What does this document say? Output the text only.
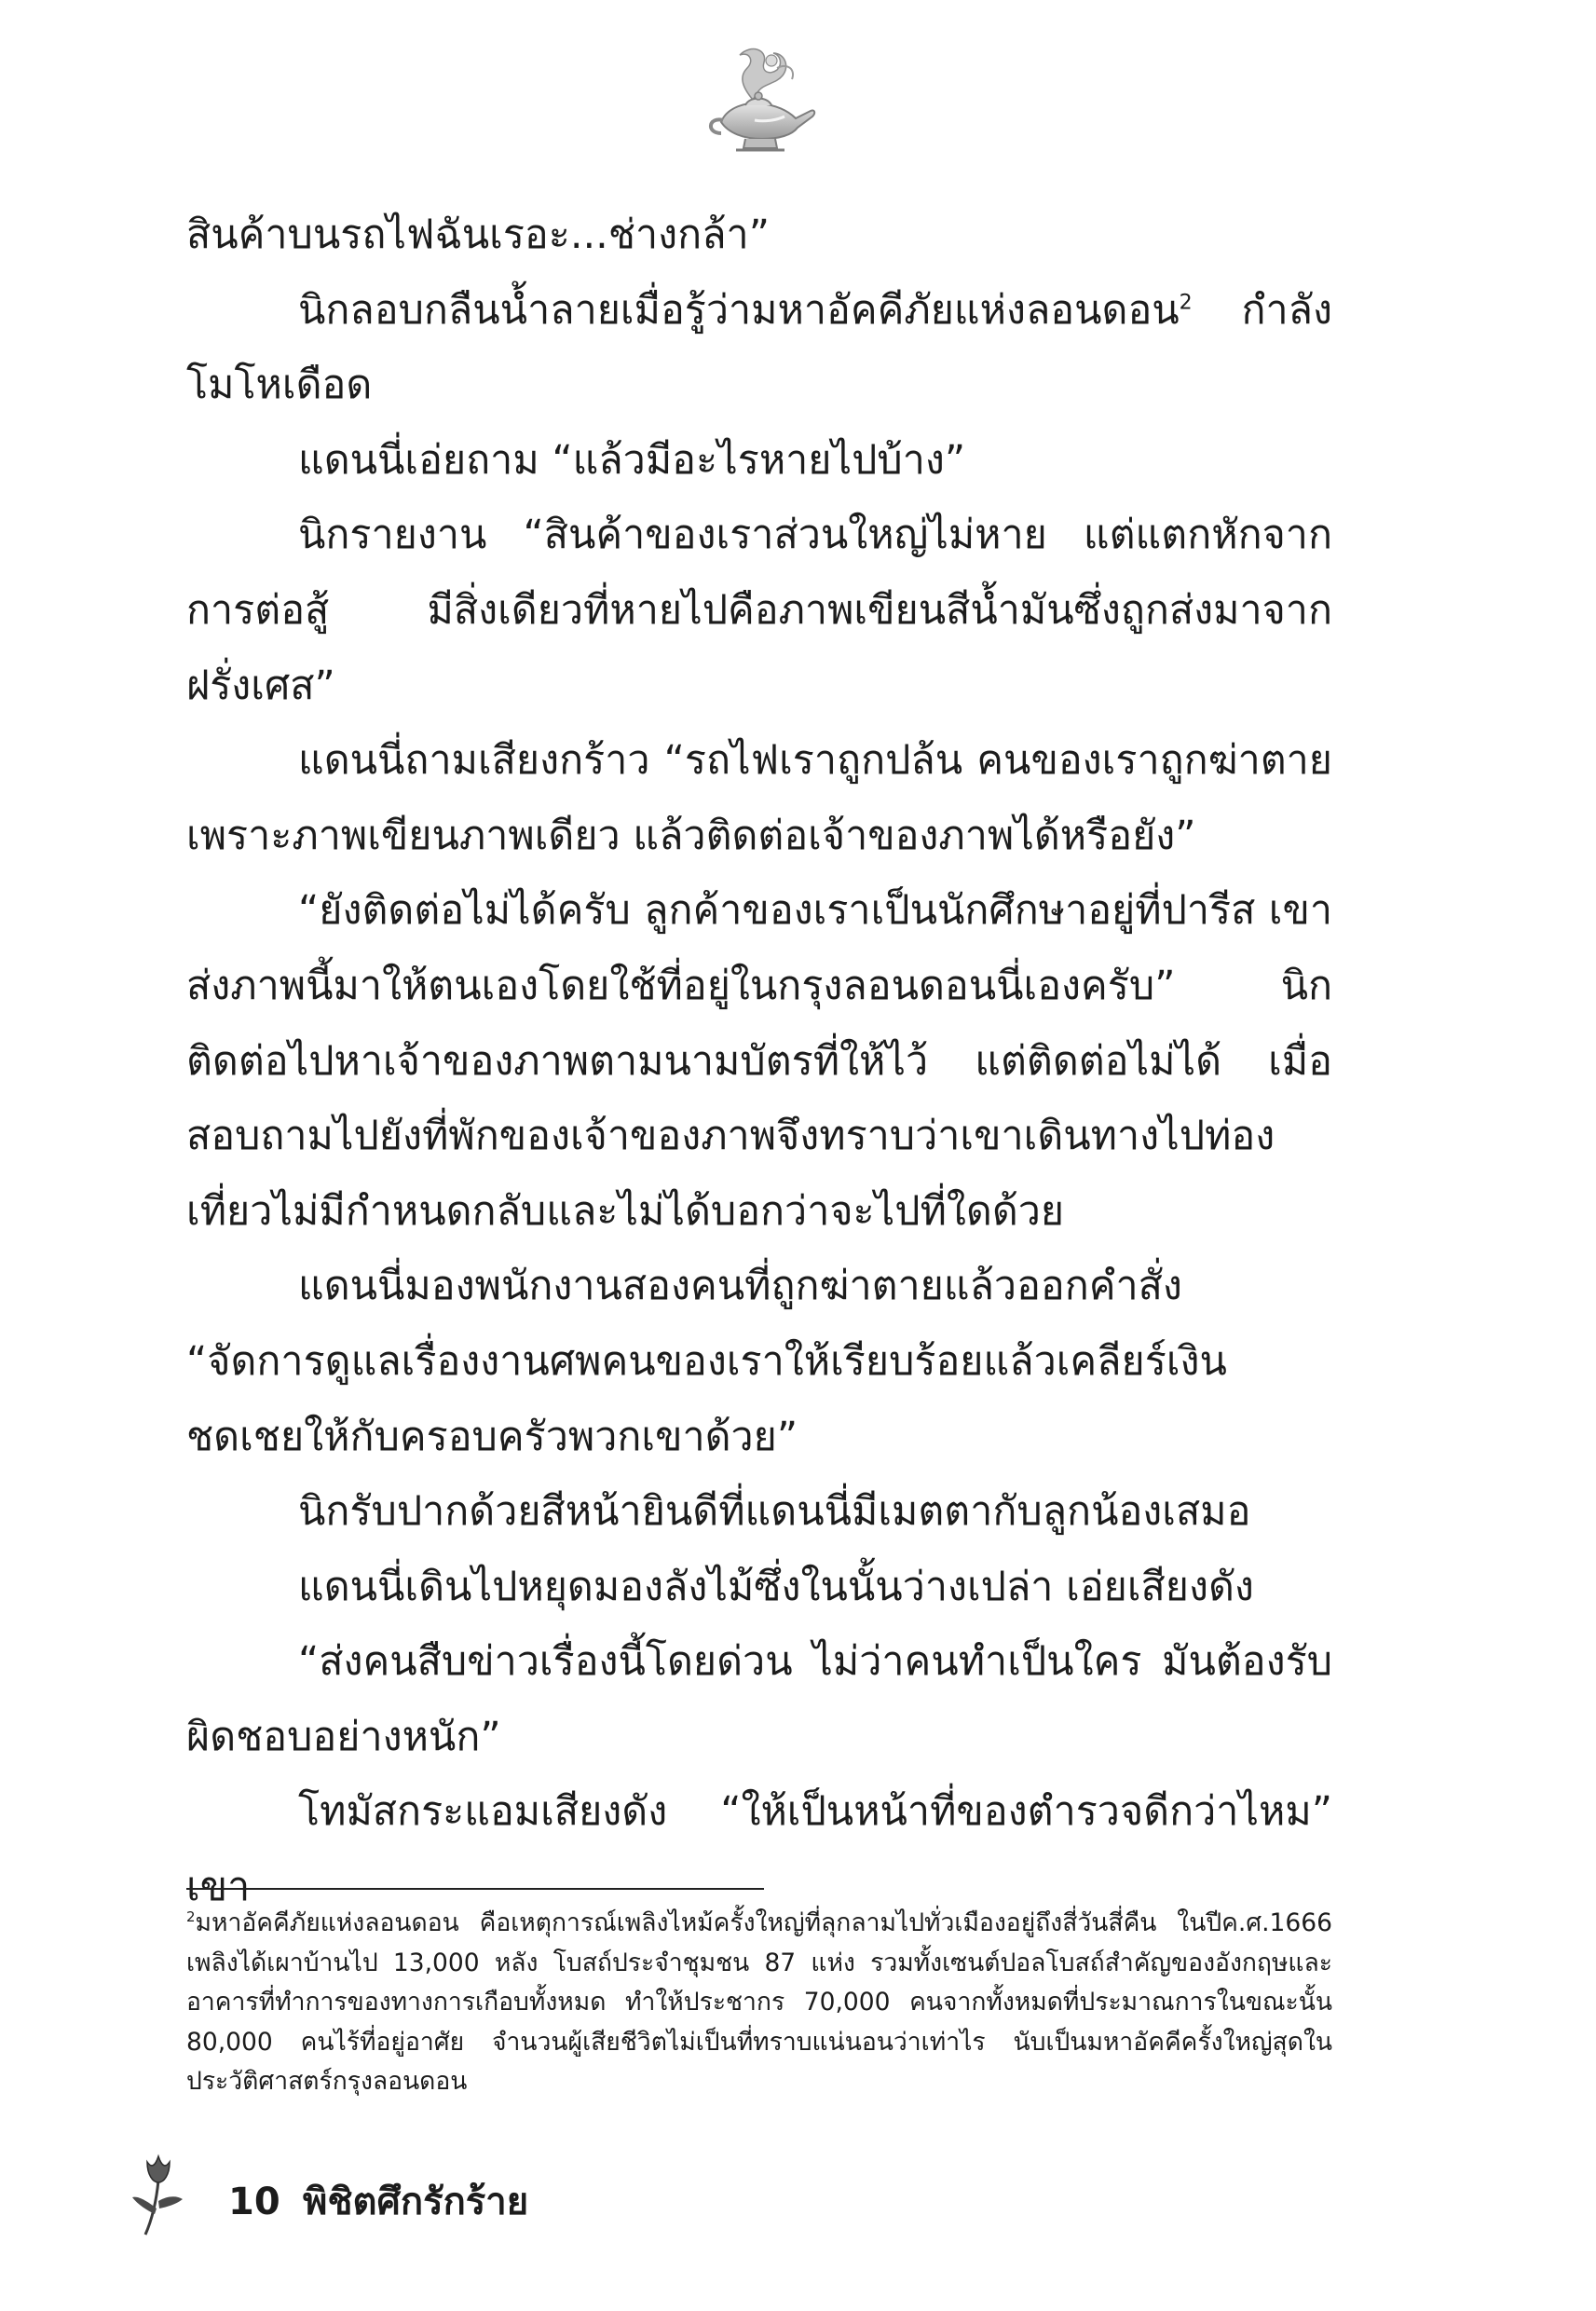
สินค้าบนรถไฟฉันเรอะ...ช่างกล้า”

นิกลอบกลืนน้ำลายเมื่อรู้ว่ามหาอัคคีภัยแห่งลอนดอน$^2$ กำลังโมโหเดือด

แดนนี่เอ่ยถาม “แล้วมีอะไรหายไปบ้าง”

นิกรายงาน “สินค้าของเราส่วนใหญ่ไม่หาย แต่แตกหักจากการต่อสู้ มีสิ่งเดียวที่หายไปคือภาพเขียนสีน้ำมันซึ่งถูกส่งมาจากฝรั่งเศส”

แดนนี่ถามเสียงกร้าว “รถไฟเราถูกปล้น คนของเราถูกฆ่าตายเพราะภาพเขียนภาพเดียว แล้วติดต่อเจ้าของภาพได้หรือยัง”

“ยังติดต่อไม่ได้ครับ ลูกค้าของเราเป็นนักศึกษาอยู่ที่ปารีส เขาส่งภาพนี้มาให้ตนเองโดยใช้ที่อยู่ในกรุงลอนดอนนี่เองครับ” นิกติดต่อไปหาเจ้าของภาพตามนามบัตรที่ให้ไว้ แต่ติดต่อไม่ได้ เมื่อสอบถามไปยังที่พักของเจ้าของภาพจึงทราบว่าเขาเดินทางไปท่องเที่ยวไม่มีกำหนดกลับและไม่ได้บอกว่าจะไปที่ใดด้วย

แดนนี่มองพนักงานสองคนที่ถูกฆ่าตายแล้วออกคำสั่ง “จัดการดูแลเรื่องงานศพคนของเราให้เรียบร้อยแล้วเคลียร์เงินชดเชยให้กับครอบครัวพวกเขาด้วย”

นิกรับปากด้วยสีหน้ายินดีที่แดนนี่มีเมตตากับลูกน้องเสมอ

แดนนี่เดินไปหยุดมองลังไม้ซึ่งในนั้นว่างเปล่า เอ่ยเสียงดัง

“ส่งคนสืบข่าวเรื่องนี้โดยด่วน ไม่ว่าคนทำเป็นใคร มันต้องรับผิดชอบอย่างหนัก”

โทมัสกระแอมเสียงดัง “ให้เป็นหน้าที่ของตำรวจดีกว่าไหม” เขา

$^2$มหาอัคคีภัยแห่งลอนดอน คือเหตุการณ์เพลิงไหม้ครั้งใหญ่ที่ลุกลามไปทั่วเมืองอยู่ถึงสี่วันสี่คืน ในปีค.ศ.1666 เพลิงได้เผาบ้านไป 13,000 หลัง โบสถ์ประจำชุมชน 87 แห่ง รวมทั้งเซนต์ปอลโบสถ์สำคัญของอังกฤษและอาคารที่ทำการของทางการเกือบทั้งหมด ทำให้ประชากร 70,000 คนจากทั้งหมดที่ประมาณการในขณะนั้น 80,000 คนไร้ที่อยู่อาศัย จำนวนผู้เสียชีวิตไม่เป็นที่ทราบแน่นอนว่าเท่าไร นับเป็นมหาอัคคีครั้งใหญ่สุดในประวัติศาสตร์กรุงลอนดอน

10 พิชิตศึกรักร้าย
